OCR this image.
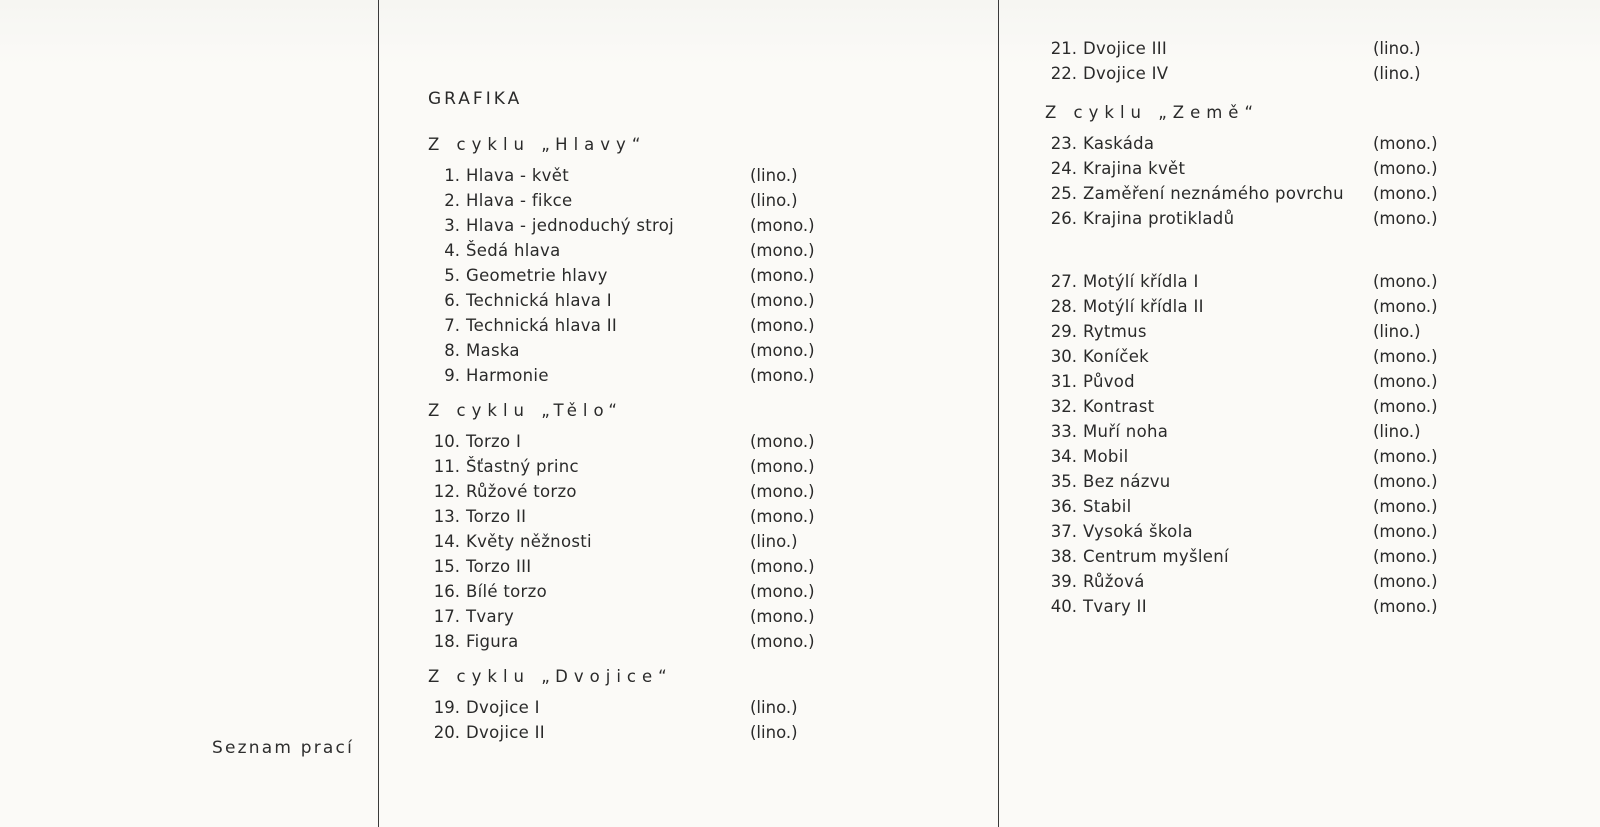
Seznam prací
GRAFIKA
Z cyklu „Hlavy“
1. Hlava - květ	(lino.)
2. Hlava - fikce	(lino.)
3. Hlava - jednoduchý stroj	(mono.)
4. Šedá hlava	(mono.)
5. Geometrie hlavy	(mono.)
6. Technická hlava I	(mono.)
7. Technická hlava II	(mono.)
8. Maska	(mono.)
9. Harmonie	(mono.)
Z cyklu „Tělo“
10. Torzo I	(mono.)
11. Šťastný princ	(mono.)
12. Růžové torzo	(mono.)
13. Torzo II	(mono.)
14. Květy něžnosti	(lino.)
15. Torzo III	(mono.)
16. Bílé torzo	(mono.)
17. Tvary	(mono.)
18. Figura	(mono.)
Z cyklu „Dvojice“
19. Dvojice I	(lino.)
20. Dvojice II	(lino.)
21. Dvojice III	(lino.)
22. Dvojice IV	(lino.)
Z cyklu „Země“
23. Kaskáda	(mono.)
24. Krajina květ	(mono.)
25. Zaměření neznámého povrchu (mono.)
26. Krajina protikladů	(mono.)
27. Motýlí křídla I	(mono.)
28. Motýlí křídla II	(mono.)
29. Rytmus	(lino.)
30. Koníček	(mono.)
31. Původ	(mono.)
32. Kontrast	(mono.)
33. Muří noha	(lino.)
34. Mobil	(mono.)
35. Bez názvu	(mono.)
36. Stabil	(mono.)
37. Vysoká škola	(mono.)
38. Centrum myšlení	(mono.)
39. Růžová	(mono.)
40. Tvary II	(mono.)
